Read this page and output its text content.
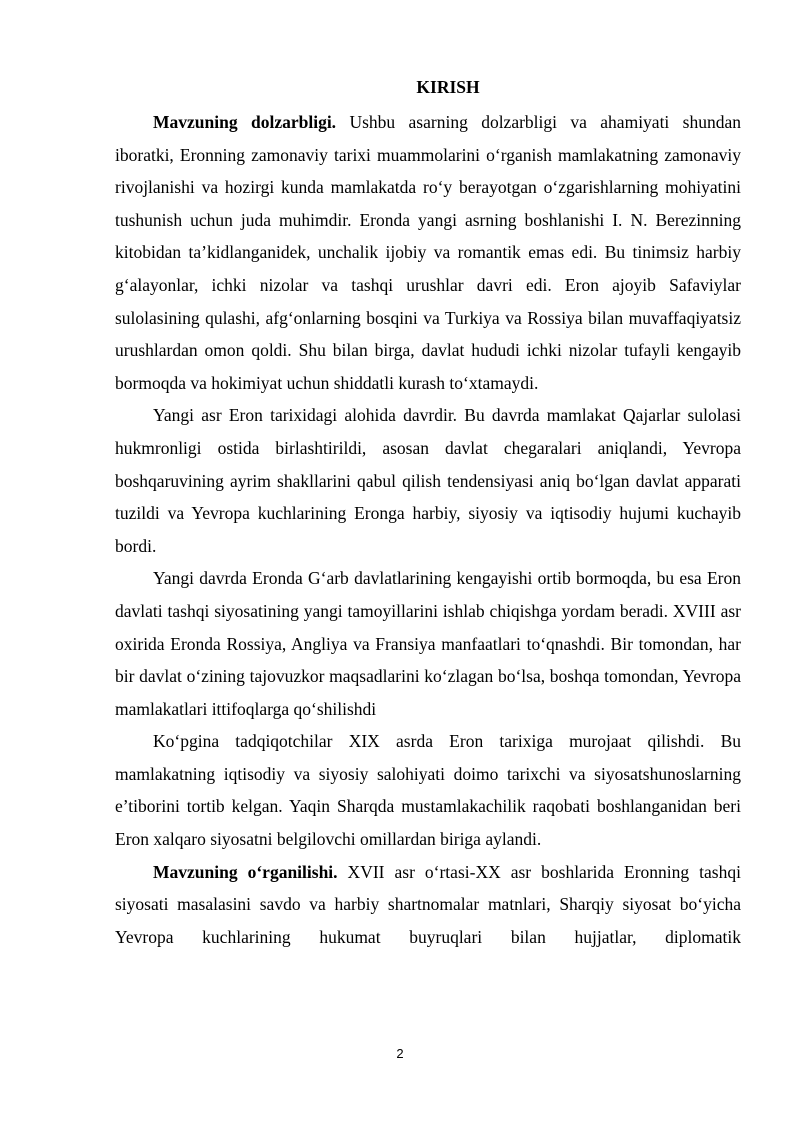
KIRISH

Mavzuning dolzarbligi. Ushbu asarning dolzarbligi va ahamiyati shundan iboratki, Eronning zamonaviy tarixi muammolarini o‘rganish mamlakatning zamonaviy rivojlanishi va hozirgi kunda mamlakatda ro‘y berayotgan o‘zgarishlarning mohiyatini tushunish uchun juda muhimdir. Eronda yangi asrning boshlanishi I. N. Berezinning kitobidan ta’kidlanganidek, unchalik ijobiy va romantik emas edi. Bu tinimsiz harbiy g‘alayonlar, ichki nizolar va tashqi urushlar davri edi. Eron ajoyib Safaviylar sulolasining qulashi, afg‘onlarning bosqini va Turkiya va Rossiya bilan muvaffaqiyatsiz urushlardan omon qoldi. Shu bilan birga, davlat hududi ichki nizolar tufayli kengayib bormoqda va hokimiyat uchun shiddatli kurash to‘xtamaydi.

Yangi asr Eron tarixidagi alohida davrdir. Bu davrda mamlakat Qajarlar sulolasi hukmronligi ostida birlashtirildi, asosan davlat chegaralari aniqlandi, Yevropa boshqaruvining ayrim shakllarini qabul qilish tendensiyasi aniq bo‘lgan davlat apparati tuzildi va Yevropa kuchlarining Eronga harbiy, siyosiy va iqtisodiy hujumi kuchayib bordi.

Yangi davrda Eronda G‘arb davlatlarining kengayishi ortib bormoqda, bu esa Eron davlati tashqi siyosatining yangi tamoyillarini ishlab chiqishga yordam beradi. XVIII asr oxirida Eronda Rossiya, Angliya va Fransiya manfaatlari to‘qnashdi. Bir tomondan, har bir davlat o‘zining tajovuzkor maqsadlarini ko‘zlagan bo‘lsa, boshqa tomondan, Yevropa mamlakatlari ittifoqlarga qo‘shilishdi

Ko‘pgina tadqiqotchilar XIX asrda Eron tarixiga murojaat qilishdi. Bu mamlakatning iqtisodiy va siyosiy salohiyati doimo tarixchi va siyosatshunoslarning e’tiborini tortib kelgan. Yaqin Sharqda mustamlakachilik raqobati boshlanganidan beri Eron xalqaro siyosatni belgilovchi omillardan biriga aylandi.

Mavzuning o‘rganilishi. XVII asr o‘rtasi-XX asr boshlarida Eronning tashqi siyosati masalasini savdo va harbiy shartnomalar matnlari, Sharqiy siyosat bo‘yicha Yevropa kuchlarining hukumat buyruqlari bilan hujjatlar, diplomatik

2
